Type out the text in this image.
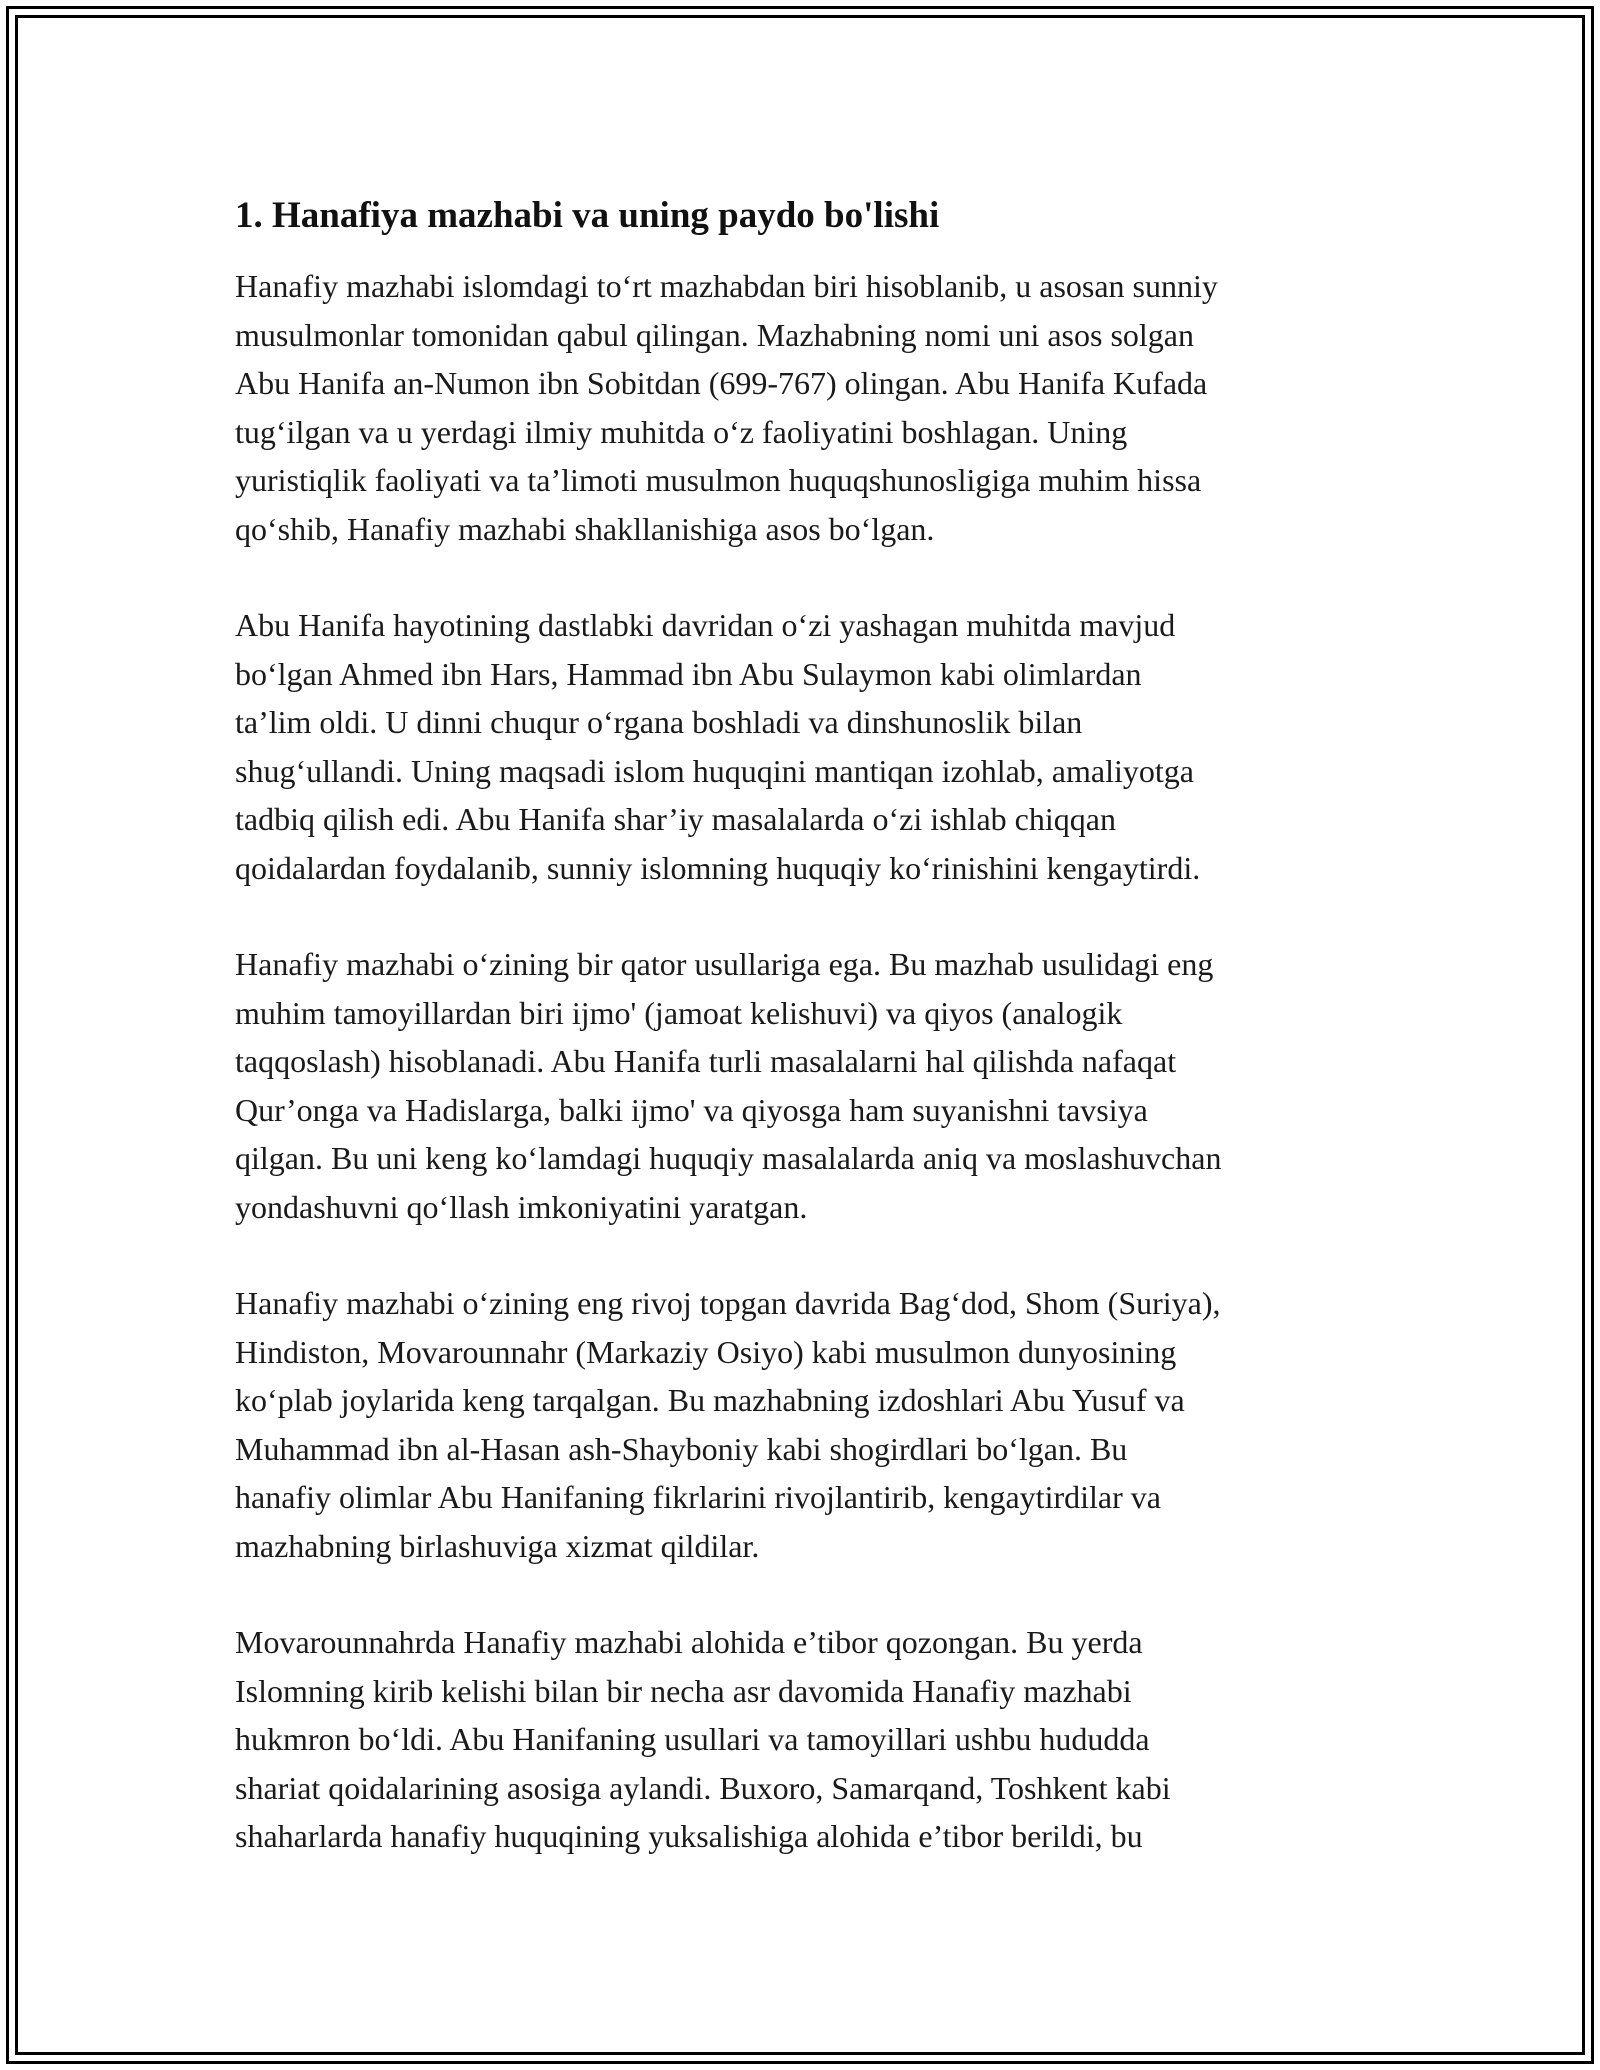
1. Hanafiya mazhabi va uning paydo bo'lishi

Hanafiy mazhabi islomdagi to‘rt mazhabdan biri hisoblanib, u asosan sunniy
musulmonlar tomonidan qabul qilingan. Mazhabning nomi uni asos solgan
Abu Hanifa an-Numon ibn Sobitdan (699-767) olingan. Abu Hanifa Kufada
tug‘ilgan va u yerdagi ilmiy muhitda o‘z faoliyatini boshlagan. Uning
yuristiqlik faoliyati va ta’limoti musulmon huquqshunosligiga muhim hissa
qo‘shib, Hanafiy mazhabi shakllanishiga asos bo‘lgan.

Abu Hanifa hayotining dastlabki davridan o‘zi yashagan muhitda mavjud
bo‘lgan Ahmed ibn Hars, Hammad ibn Abu Sulaymon kabi olimlardan
ta’lim oldi. U dinni chuqur o‘rgana boshladi va dinshunoslik bilan
shug‘ullandi. Uning maqsadi islom huquqini mantiqan izohlab, amaliyotga
tadbiq qilish edi. Abu Hanifa shar’iy masalalarda o‘zi ishlab chiqqan
qoidalardan foydalanib, sunniy islomning huquqiy ko‘rinishini kengaytirdi.

Hanafiy mazhabi o‘zining bir qator usullariga ega. Bu mazhab usulidagi eng
muhim tamoyillardan biri ijmo' (jamoat kelishuvi) va qiyos (analogik
taqqoslash) hisoblanadi. Abu Hanifa turli masalalarni hal qilishda nafaqat
Qur’onga va Hadislarga, balki ijmo' va qiyosga ham suyanishni tavsiya
qilgan. Bu uni keng ko‘lamdagi huquqiy masalalarda aniq va moslashuvchan
yondashuvni qo‘llash imkoniyatini yaratgan.

Hanafiy mazhabi o‘zining eng rivoj topgan davrida Bag‘dod, Shom (Suriya),
Hindiston, Movarounnahr (Markaziy Osiyo) kabi musulmon dunyosining
ko‘plab joylarida keng tarqalgan. Bu mazhabning izdoshlari Abu Yusuf va
Muhammad ibn al-Hasan ash-Shayboniy kabi shogirdlari bo‘lgan. Bu
hanafiy olimlar Abu Hanifaning fikrlarini rivojlantirib, kengaytirdilar va
mazhabning birlashuviga xizmat qildilar.

Movarounnahrda Hanafiy mazhabi alohida e’tibor qozongan. Bu yerda
Islomning kirib kelishi bilan bir necha asr davomida Hanafiy mazhabi
hukmron bo‘ldi. Abu Hanifaning usullari va tamoyillari ushbu hududda
shariat qoidalarining asosiga aylandi. Buxoro, Samarqand, Toshkent kabi
shaharlarda hanafiy huquqining yuksalishiga alohida e’tibor berildi, bu
